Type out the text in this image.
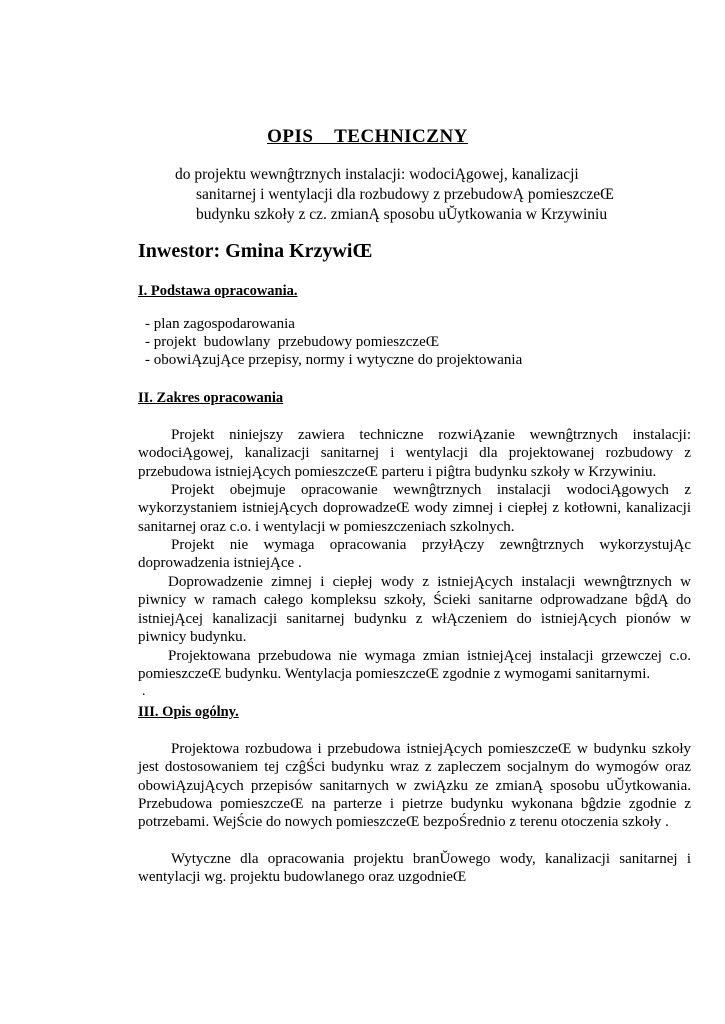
OPIS    TECHNICZNY
do projektu wewnĝtrznych instalacji: wodociĄgowej, kanalizacji
sanitarnej i wentylacji dla rozbudowy z przebudowĄ pomieszczeŒ
budynku szkoły z cz. zmianĄ sposobu uŬytkowania w Krzywiniu
Inwestor: Gmina KrzywiŒ
I. Podstawa opracowania.
- plan zagospodarowania
- projekt  budowlany  przebudowy pomieszczeŒ
- obowiĄzujĄce przepisy, normy i wytyczne do projektowania
II. Zakres opracowania

Projekt niniejszy zawiera techniczne rozwiĄzanie wewnĝtrznych instalacji: wodociĄgowej, kanalizacji sanitarnej i wentylacji dla projektowanej rozbudowy z przebudowa istniejĄcych pomieszczeŒ parteru i piĝtra budynku szkoły w Krzywiniu.

Projekt obejmuje opracowanie wewnĝtrznych instalacji wodociĄgowych z wykorzystaniem istniejĄcych doprowadzeŒ wody zimnej i ciepłej z kotłowni, kanalizacji sanitarnej oraz c.o. i wentylacji w pomieszczeniach szkolnych.

Projekt nie wymaga opracowania przyłĄczy zewnĝtrznych wykorzystujĄc doprowadzenia istniejĄce .

Doprowadzenie zimnej i ciepłej wody z istniejĄcych instalacji wewnĝtrznych w piwnicy w ramach całego kompleksu szkoły, Ścieki sanitarne odprowadzane bĝdĄ do istniejĄcej kanalizacji sanitarnej budynku z włĄczeniem do istniejĄcych pionów w piwnicy budynku.

Projektowana przebudowa nie wymaga zmian istniejĄcej instalacji grzewczej c.o. pomieszczeŒ budynku. Wentylacja pomieszczeŒ zgodnie z wymogami sanitarnymi.

.
III. Opis ogólny.

Projektowa rozbudowa i przebudowa istniejĄcych pomieszczeŒ w budynku szkoły jest dostosowaniem tej czĝŚci budynku wraz z zapleczem socjalnym do wymogów oraz obowiĄzujĄcych przepisów sanitarnych w zwiĄzku ze zmianĄ sposobu uŬytkowania. Przebudowa pomieszczeŒ na parterze i pietrze budynku wykonana bĝdzie zgodnie z potrzebami. WejŚcie do nowych pomieszczeŒ bezpoŚrednio z terenu otoczenia szkoły .

Wytyczne dla opracowania projektu branŬowego wody, kanalizacji sanitarnej i wentylacji wg. projektu budowlanego oraz uzgodnieŒ
